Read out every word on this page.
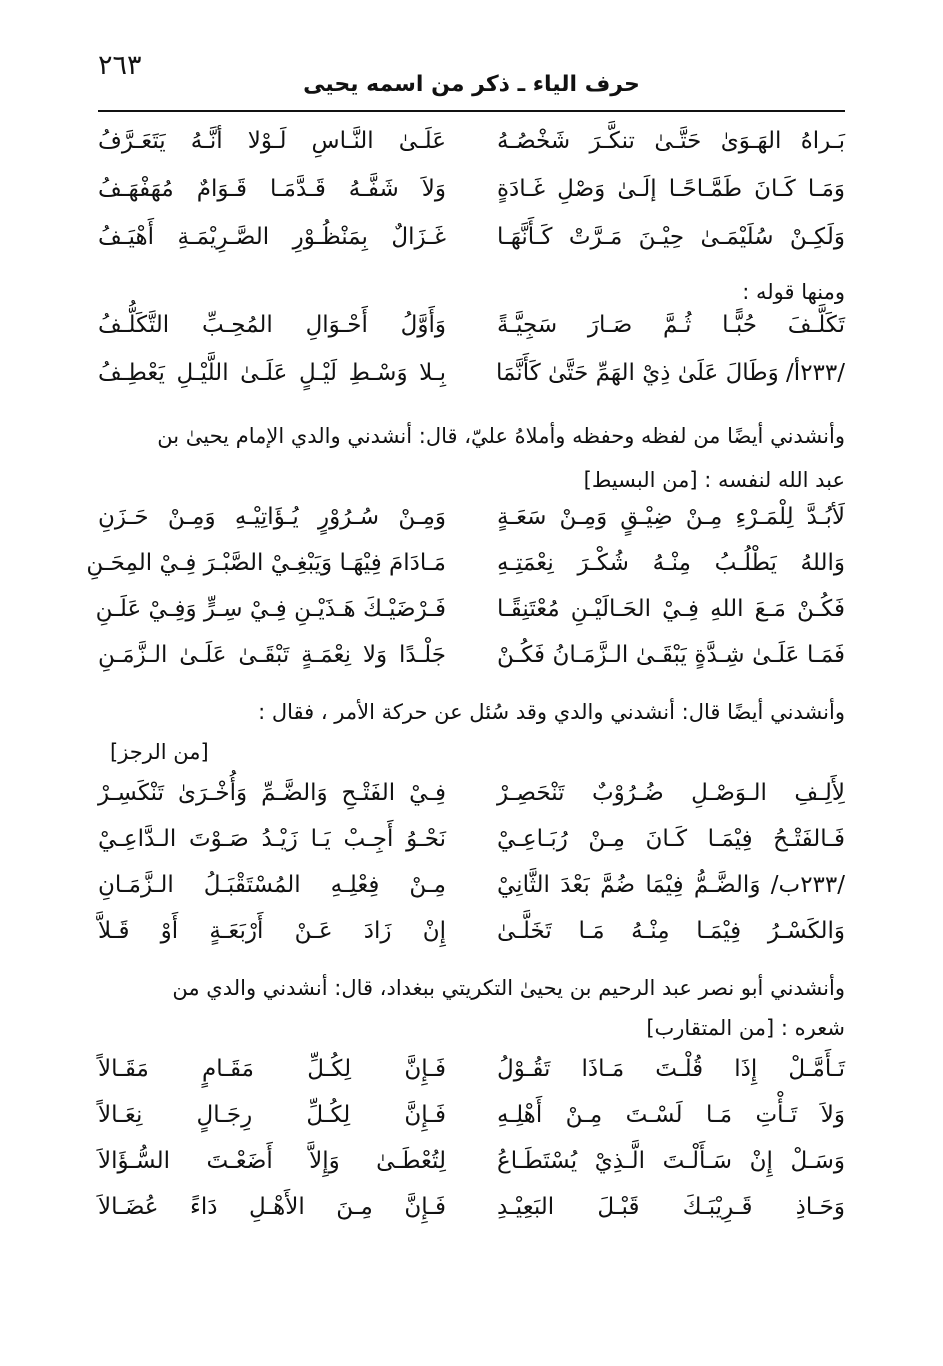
٢٦٣
حرف الياء ـ ذكر من اسمه يحيى
بَـراهُ الهَـوَىٰ حَتَّـىٰ تنكَّـرَ شَخْصُـهُ
عَلَـىٰ النَّـاسِ لَـوْلا أنَّـهُ يَتَعَـرَّفُ
وَمَـا كَـانَ طَمَّـاحًـا إلَـىٰ وَصْلِ غَـادَةٍ
وَلاَ شَفَّـهُ قَـدَّمَـا قَـوَامٌ مُهَفْهَـفُ
وَلَكِـنْ سُلَيْمَـىٰ حِيْـنَ مَـرَّتْ كَـأَنَّهَـا
غَـزَالٌ بِمَنْظُـوْرِ الصَّـرِيْمَـةِ أَهْيَـفُ
ومنها قوله :
تَكَلَّـفَ حُبًّـا ثُـمَّ صَـارَ سَجِيَّـةً
وَأَوَّلُ أَحْـوَالِ المُحِـبِّ التَّكَلُّـفُ
/٢٣٣أ/ وَطَالَ عَلَىٰ ذِيْ الهَمِّ حَتَّىٰ كَأَنَّمَا
بِـلا وَسْـطِ لَيْـلٍ عَلَـىٰ اللَّيْـلِ يَعْطِـفُ
وأنشدني أيضًا من لفظه وحفظه وأملاهُ عليّ، قال: أنشدني والدي الإمام يحيىٰ بن
عبد الله لنفسه : [من البسيط]
لَأبُـدَّ لِلْمَـرْءِ مِـنْ ضِيْـقٍ وَمِـنْ سَعَـةٍ
وَمِـنْ سُـرُوْرٍ يُـؤَاتِيْـهِ وَمِـنْ حَـزَنِ
وَاللهُ يَطْلُـبُ مِنْـهُ شُكْـرَ نِعْمَتِـهِ
مَـادَامَ فِيْهَـا وَيَبْغِـيْ الصَّبْـرَ فِـيْ المِحَـنِ
فَكُـنْ مَـعَ اللهِ فِـيْ الحَـالَيْـنِ مُعْتَنِقًـا
فَـرْضَيْـكَ هَـذَيْـنِ فِـيْ سِـرٍّ وَفِـيْ عَلَـنِ
فَمَـا عَلَـىٰ شِـدَّةٍ يَبْقَـىٰ الـزَّمَـانُ فَكُـنْ
جَلْـدًا وَلا نِعْمَـةٍ تَبْقَـىٰ عَلَـىٰ الـزَّمَـنِ
وأنشدني أيضًا قال: أنشدني والدي وقد سُئل عن حركة الأمر ، فقال :
[من الرجز]
لِأَلِـفِ الـوَصْـلِ ضُـرُوْبٌ تَنْحَصِـرْ
فِـيْ الفَتْـحِ وَالضَّـمِّ وَأُخْـرَىٰ تَنْكَسِـرْ
فَـالفَتْـحُ فِيْمَـا كَـانَ مِـنْ رُبَـاعِـيْ
نَحْـوُ أَجِـبْ يَـا زَيْـدُ صَـوْتَ الـدَّاعِـيْ
/٢٣٣ب/ وَالضَّـمُّ فِيْمَا ضُمَّ بَعْدَ الثَّانِيْ
مِـنْ فِعْلِـهِ المُسْتَقْبَـلُ الـزَّمَـانِ
وَالكَسْـرُ فِيْمَـا مِنْـهُ مَـا تَخَلَّـىٰ
إِنْ زَادَ عَـنْ أَرْبَعَـةٍ أَوْ قَـلاَّ
وأنشدني أبو نصر عبد الرحيم بن يحيىٰ التكريتي ببغداد، قال: أنشدني والدي من
شعره : [من المتقارب]
تَـأَمَّـلْ إِذَا قُلْـتَ مَـاذَا تَقُـوْلُ
فَـإِنَّ لِكُـلِّ مَقَـامٍ مَقَـالاً
وَلاَ تَـأْتِ مَـا لَسْـتَ مِـنْ أَهْلِـهِ
فَـإِنَّ لِكُـلِّ رِجَـالٍ نِعَـالاً
وَسَـلْ إِنْ سَـأَلْـتَ الَّـذِيْ يُسْتَطَـاعُ
لِتُعْطَـىٰ وَإِلاَّ أَضَعْـتَ السُّـؤَالاَ
وَحَـاذِ قَـرِيْبَـكَ قَبْـلَ البَعِيْـدِ
فَـإِنَّ مِـنَ الأَهْـلِ دَاءً عُضَـالاَ
